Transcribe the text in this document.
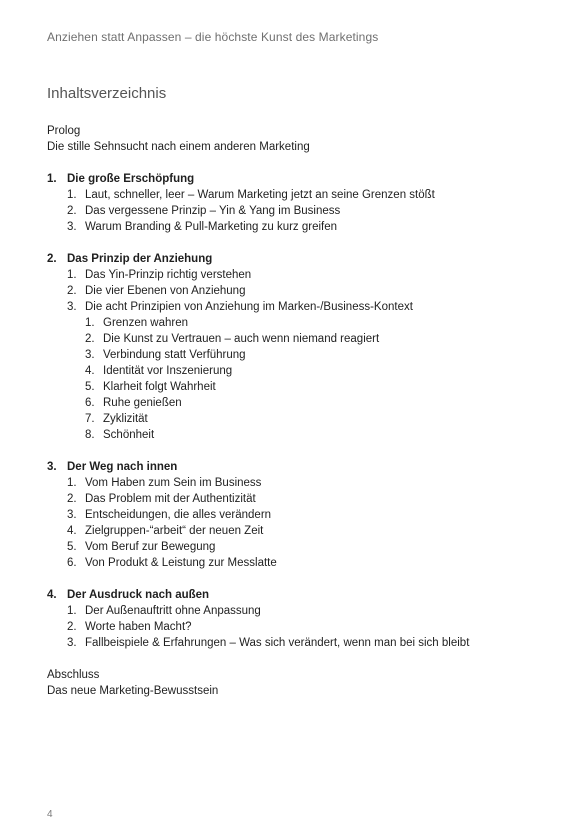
Anziehen statt Anpassen – die höchste Kunst des Marketings
Inhaltsverzeichnis
Prolog
Die stille Sehnsucht nach einem anderen Marketing
1. Die große Erschöpfung
1. Laut, schneller, leer – Warum Marketing jetzt an seine Grenzen stößt
2. Das vergessene Prinzip – Yin & Yang im Business
3. Warum Branding & Pull-Marketing zu kurz greifen
2. Das Prinzip der Anziehung
1. Das Yin-Prinzip richtig verstehen
2. Die vier Ebenen von Anziehung
3. Die acht Prinzipien von Anziehung im Marken-/Business-Kontext
1. Grenzen wahren
2. Die Kunst zu Vertrauen – auch wenn niemand reagiert
3. Verbindung statt Verführung
4. Identität vor Inszenierung
5. Klarheit folgt Wahrheit
6. Ruhe genießen
7. Zyklizität
8. Schönheit
3. Der Weg nach innen
1. Vom Haben zum Sein im Business
2. Das Problem mit der Authentizität
3. Entscheidungen, die alles verändern
4. Zielgruppen-“arbeit“ der neuen Zeit
5. Vom Beruf zur Bewegung
6. Von Produkt & Leistung zur Messlatte
4. Der Ausdruck nach außen
1. Der Außenauftritt ohne Anpassung
2. Worte haben Macht?
3. Fallbeispiele & Erfahrungen – Was sich verändert, wenn man bei sich bleibt
Abschluss
Das neue Marketing-Bewusstsein
4
